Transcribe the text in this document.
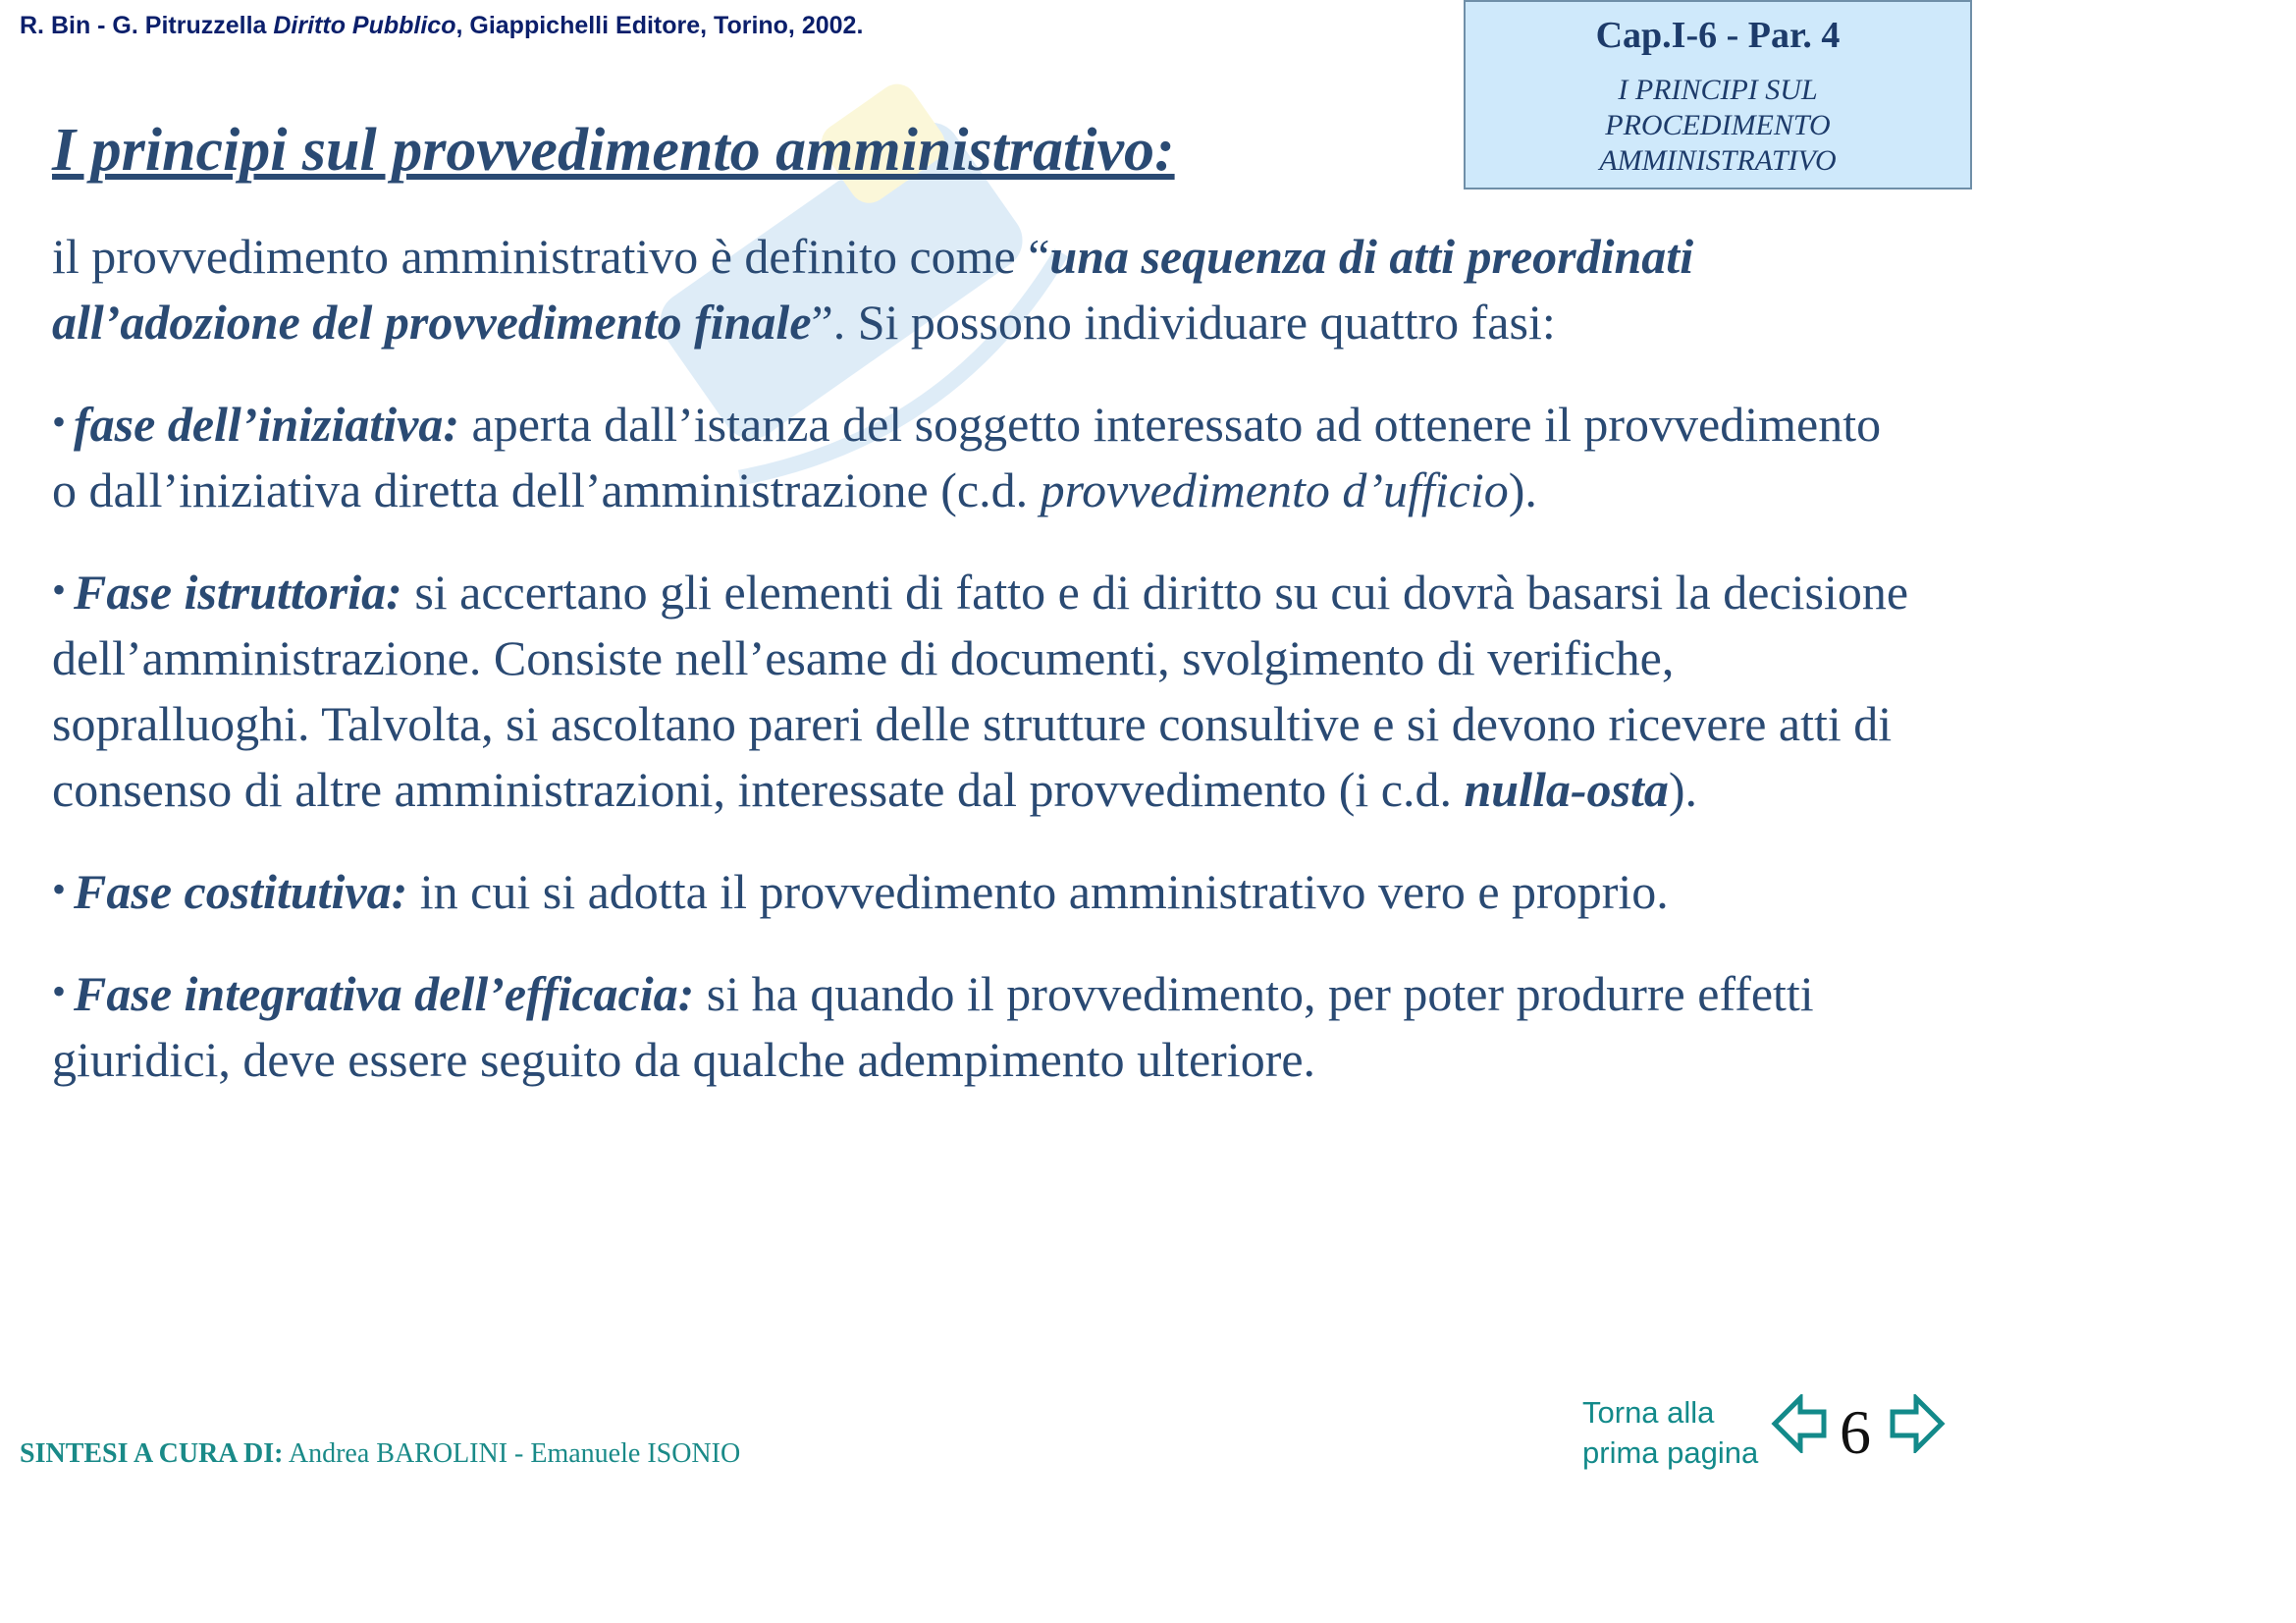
R. Bin - G. Pitruzzella Diritto Pubblico, Giappichelli Editore, Torino, 2002.	Cap.I-6 - Par. 4
I PRINCIPI SUL
PROCEDIMENTO
AMMINISTRATIVO
I principi sul provvedimento amministrativo:

il provvedimento amministrativo è definito come “una sequenza di atti preordinati all’adozione del provvedimento finale”. Si possono individuare quattro fasi:

• fase dell’iniziativa: aperta dall’istanza del soggetto interessato ad ottenere il provvedimento o dall’iniziativa diretta dell’amministrazione (c.d. provvedimento d’ufficio).

• Fase istruttoria: si accertano gli elementi di fatto e di diritto su cui dovrà basarsi la decisione dell’amministrazione. Consiste nell’esame di documenti, svolgimento di verifiche, sopralluoghi. Talvolta, si ascoltano pareri delle strutture consultive e si devono ricevere atti di consenso di altre amministrazioni, interessate dal provvedimento (i c.d. nulla-osta).

• Fase costitutiva: in cui si adotta il provvedimento amministrativo vero e proprio.

• Fase integrativa dell’efficacia: si ha quando il provvedimento, per poter produrre effetti giuridici, deve essere seguito da qualche adempimento ulteriore.

SINTESI A CURA DI: Andrea BAROLINI - Emanuele ISONIO
Torna alla
prima pagina	6
